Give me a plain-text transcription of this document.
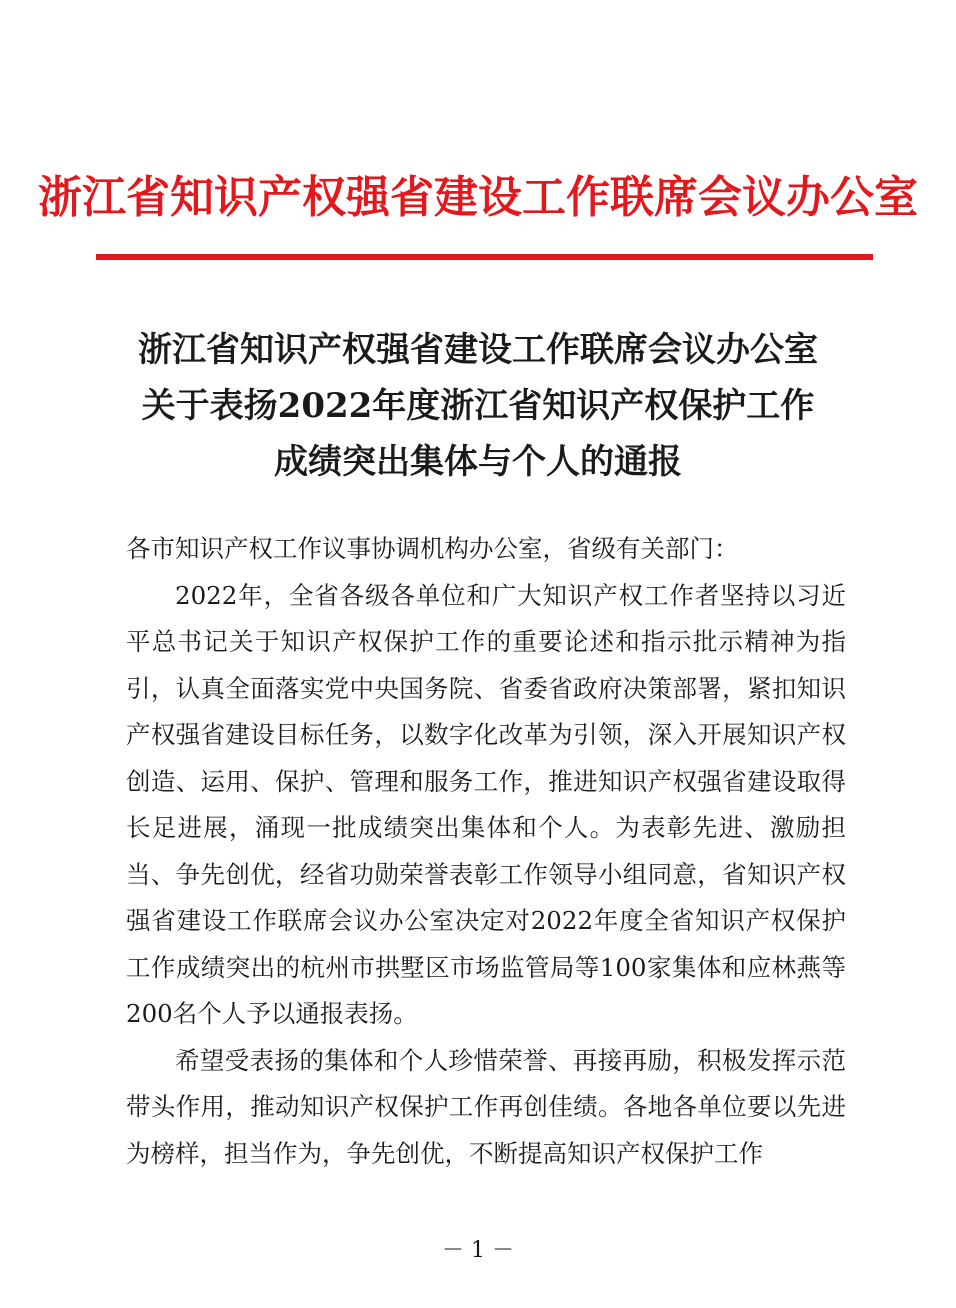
浙江省知识产权强省建设工作联席会议办公室
浙江省知识产权强省建设工作联席会议办公室
关于表扬2022年度浙江省知识产权保护工作
成绩突出集体与个人的通报

各市知识产权工作议事协调机构办公室，省级有关部门：

2022年，全省各级各单位和广大知识产权工作者坚持以习近平总书记关于知识产权保护工作的重要论述和指示批示精神为指引，认真全面落实党中央国务院、省委省政府决策部署，紧扣知识产权强省建设目标任务，以数字化改革为引领，深入开展知识产权创造、运用、保护、管理和服务工作，推进知识产权强省建设取得长足进展，涌现一批成绩突出集体和个人。为表彰先进、激励担当、争先创优，经省功勋荣誉表彰工作领导小组同意，省知识产权强省建设工作联席会议办公室决定对2022年度全省知识产权保护工作成绩突出的杭州市拱墅区市场监管局等100家集体和应林燕等200名个人予以通报表扬。

希望受表扬的集体和个人珍惜荣誉、再接再励，积极发挥示范带头作用，推动知识产权保护工作再创佳绩。各地各单位要以先进为榜样，担当作为，争先创优，不断提高知识产权保护工作

－ 1 －
